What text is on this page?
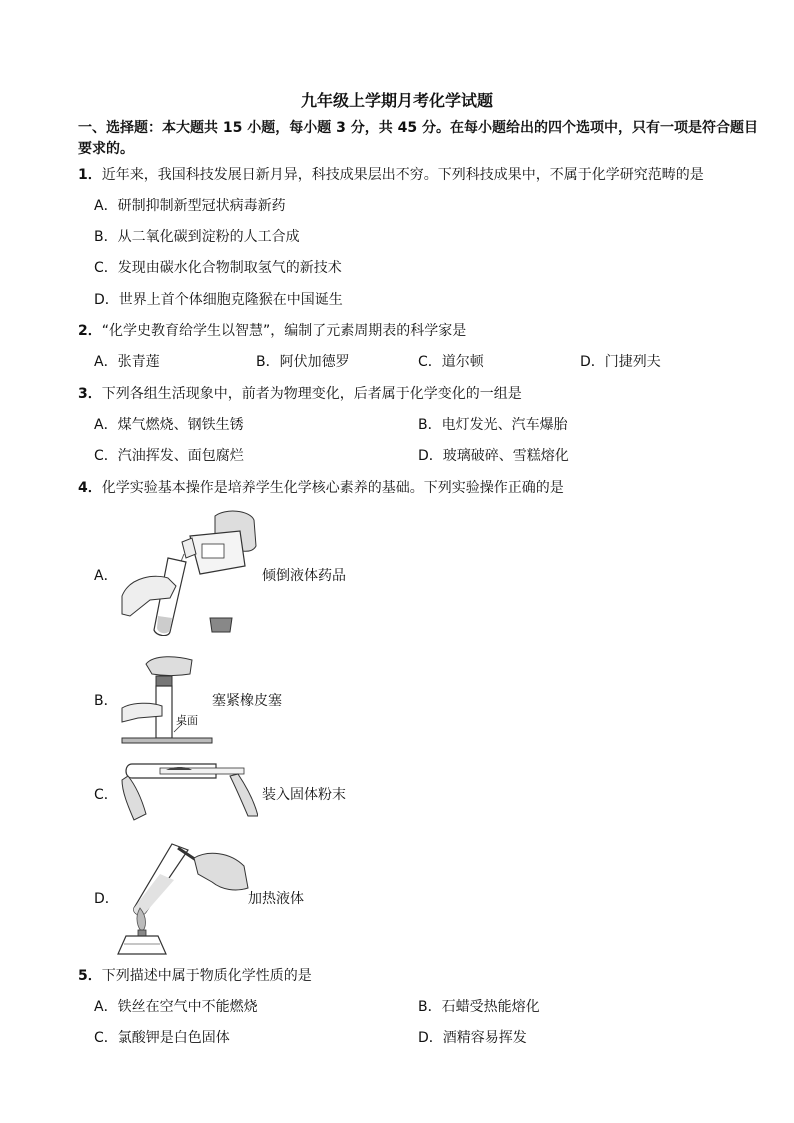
九年级上学期月考化学试题
一、选择题：本大题共 15 小题，每小题 3 分，共 45 分。在每小题给出的四个选项中，只有一项是符合题目要求的。
1．近年来，我国科技发展日新月异，科技成果层出不穷。下列科技成果中，不属于化学研究范畴的是
A．研制抑制新型冠状病毒新药
B．从二氧化碳到淀粉的人工合成
C．发现由碳水化合物制取氢气的新技术
D．世界上首个体细胞克隆猴在中国诞生
2．“化学史教育给学生以智慧”，编制了元素周期表的科学家是
A．张青莲	B．阿伏加德罗	C．道尔顿	D．门捷列夫
3．下列各组生活现象中，前者为物理变化，后者属于化学变化的一组是
A．煤气燃烧、钢铁生锈	B．电灯发光、汽车爆胎
C．汽油挥发、面包腐烂	D．玻璃破碎、雪糕熔化
4．化学实验基本操作是培养学生化学核心素养的基础。下列实验操作正确的是
A．	倾倒液体药品
B．
桌面
塞紧橡皮塞
C．	装入固体粉末
D．	加热液体
5．下列描述中属于物质化学性质的是
A．铁丝在空气中不能燃烧	B．石蜡受热能熔化
C．氯酸钾是白色固体	D．酒精容易挥发
